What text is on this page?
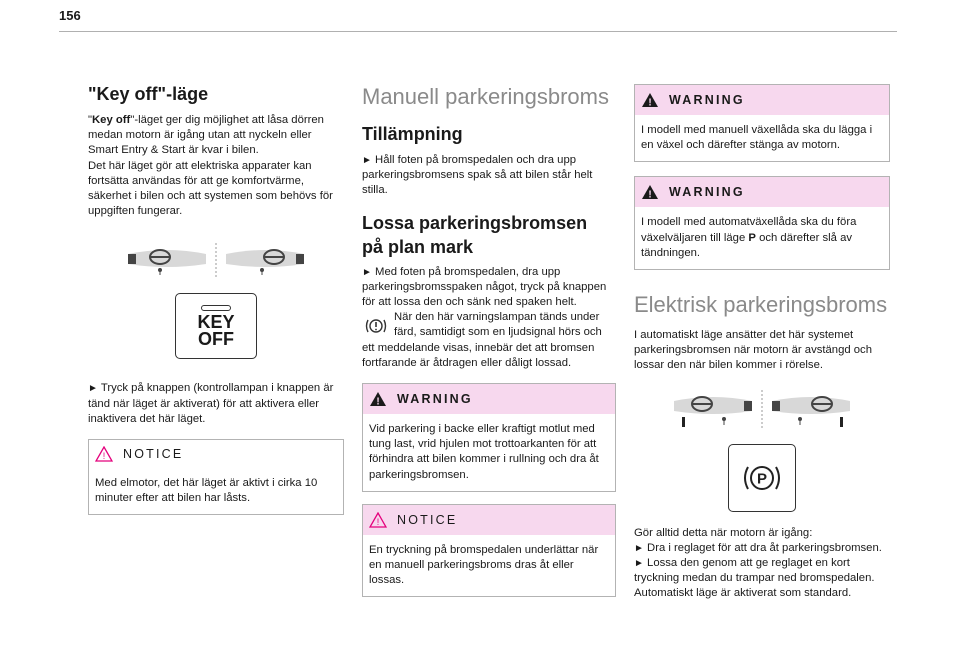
156
"Key off"-läge

"Key off"-läget ger dig möjlighet att låsa dörren medan motorn är igång utan att nyckeln eller Smart Entry & Start är kvar i bilen.

Det här läget gör att elektriska apparater kan fortsätta användas för att ge komfortvärme, säkerhet i bilen och att systemen som behövs för uppgiften fungerar.

KEY
OFF

► Tryck på knappen (kontrollampan i knappen är tänd när läget är aktiverat) för att aktivera eller inaktivera det här läget.

! NOTICE

Med elmotor, det här läget är aktivt i cirka 10 minuter efter att bilen har låsts.

Manuell parkeringsbroms
Tillämpning

► Håll foten på bromspedalen och dra upp parkeringsbromsens spak så att bilen står helt stilla.

Lossa parkeringsbromsen
på plan mark

► Med foten på bromspedalen, dra upp parkeringsbromsspaken något, tryck på knappen för att lossa den och sänk ned spaken helt.

När den här varningslampan tänds under färd, samtidigt som en ljudsignal hörs och

ett meddelande visas, innebär det att bromsen fortfarande är åtdragen eller dåligt lossad.

! WARNING

Vid parkering i backe eller kraftigt motlut med tung last, vrid hjulen mot trottoarkanten för att förhindra att bilen kommer i rullning och dra åt parkeringsbromsen.

! NOTICE

En tryckning på bromspedalen underlättar när en manuell parkeringsbroms dras åt eller lossas.

! WARNING

I modell med manuell växellåda ska du lägga i en växel och därefter stänga av motorn.

! WARNING

I modell med automatväxellåda ska du föra växelväljaren till läge P och därefter slå av tändningen.

Elektrisk parkeringsbroms

I automatiskt läge ansätter det här systemet parkeringsbromsen när motorn är avstängd och lossar den när bilen kommer i rörelse.

P

Gör alltid detta när motorn är igång:
► Dra i reglaget för att dra åt parkeringsbromsen.
► Lossa den genom att ge reglaget en kort tryckning medan du trampar ned bromspedalen.
Automatiskt läge är aktiverat som standard.
